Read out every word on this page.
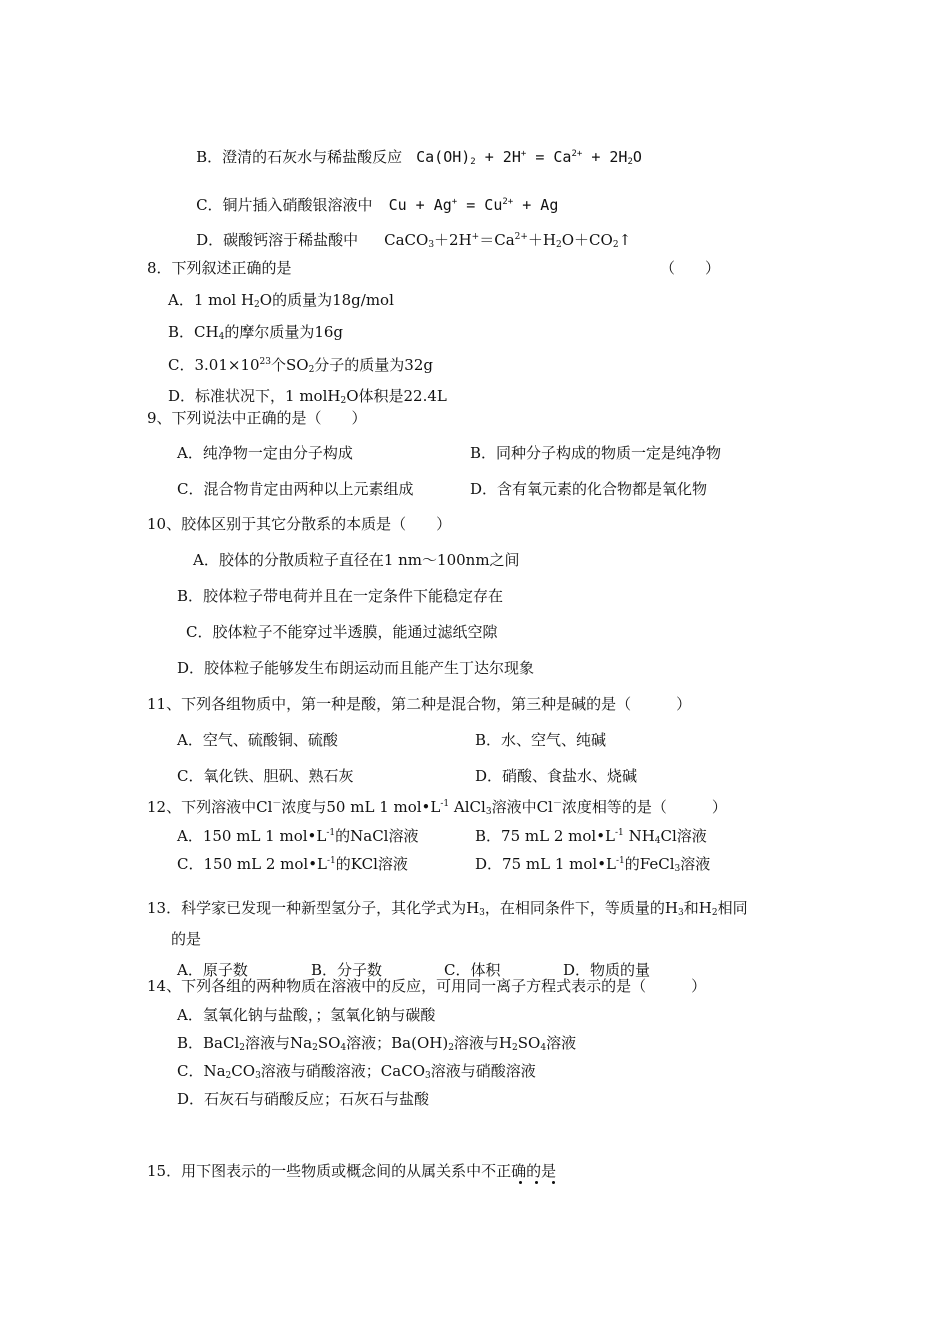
B．澄清的石灰水与稀盐酸反应 $Ca(OH)_2 + 2H^+ = Ca^{2+} + 2H_2O$

C．铜片插入硝酸银溶液中 $Cu + Ag^+ = Cu^{2+} + Ag$

D．碳酸钙溶于稀盐酸中 $CaCO_3+2H^+=Ca^{2+}+H_2O+CO_2↑$

8．下列叙述正确的是	（　　）
A．1 mol $H_2O$的质量为18g/mol
B．$CH_4$的摩尔质量为16g
C．$3.01\times 10^{23}$个$SO_2$分子的质量为32g
D．标准状况下，1 molH$_2$O体积是22.4L
9、下列说法中正确的是（　　）
A．纯净物一定由分子构成	B．同种分子构成的物质一定是纯净物
C．混合物肯定由两种以上元素组成	D．含有氧元素的化合物都是氧化物
10、胶体区别于其它分散系的本质是（　　）
A．胶体的分散质粒子直径在1 nm～100nm之间
B．胶体粒子带电荷并且在一定条件下能稳定存在
C．胶体粒子不能穿过半透膜，能通过滤纸空隙
D．胶体粒子能够发生布朗运动而且能产生丁达尔现象
11、下列各组物质中，第一种是酸，第二种是混合物，第三种是碱的是（　　　）
A．空气、硫酸铜、硫酸	B．水、空气、纯碱
C．氧化铁、胆矾、熟石灰	D．硝酸、食盐水、烧碱
12、下列溶液中Cl－浓度与50 mL 1 $mol•L^{-1}$ AlCl$_3$溶液中Cl－浓度相等的是（　　　）
A．150 mL 1 $mol•L^{-1}$的NaCl溶液	B．75 mL 2 $mol•L^{-1}$ $NH_4Cl$溶液
C．150 mL 2 $mol•L^{-1}$的KCl溶液	D．75 mL 1 $mol•L^{-1}$的FeCl$_3$溶液
13．科学家已发现一种新型氢分子，其化学式为$H_3$，在相同条件下，等质量的$H_3$和$H_2$相同
的是
A．原子数	B．分子数	C．体积	D．物质的量
14、下列各组的两种物质在溶液中的反应，可用同一离子方程式表示的是（　　　）
A．氢氧化钠与盐酸，；氢氧化钠与碳酸
B．BaCl$_2$溶液与$Na_2SO_4$溶液；$Ba(OH)_2$溶液与$H_2SO_4$溶液
C．$Na_2CO_3$溶液与硝酸溶液；CaCO$_3$溶液与硝酸溶液
D．石灰石与硝酸反应；石灰石与盐酸
15．用下图表示的一些物质或概念间的从属关系中不正确的是
